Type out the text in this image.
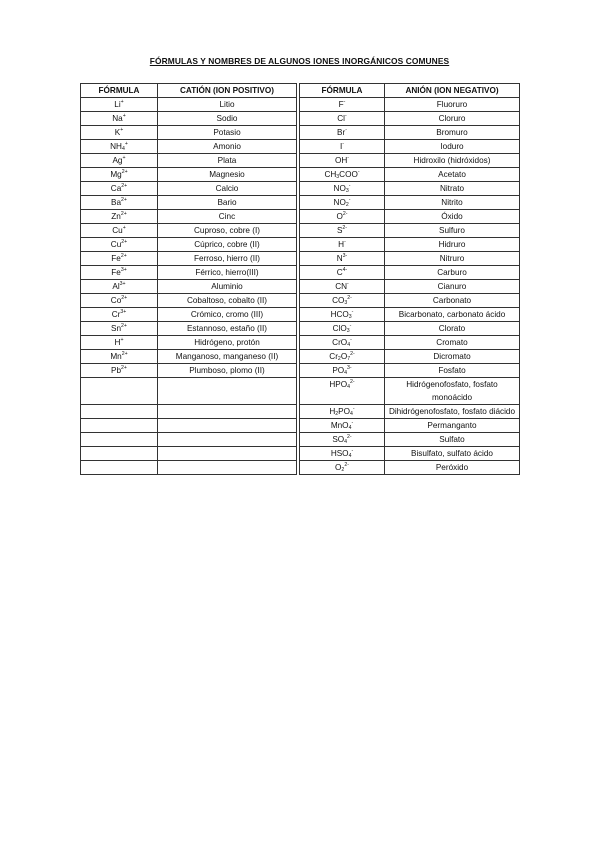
FÓRMULAS Y NOMBRES DE ALGUNOS IONES INORGÁNICOS COMUNES
FÓRMULA	CATIÓN (ION POSITIVO)		FÓRMULA	ANIÓN (ION NEGATIVO)
Li+	Litio		F-	Fluoruro
Na+	Sodio		Cl-	Cloruro
K+	Potasio		Br-	Bromuro
$NH_4^+$	Amonio		I-	Ioduro
Ag+	Plata		OH-	Hidroxilo (hidróxidos)
$Mg^{2+}$	Magnesio		$CH_3COO^-$	Acetato
$Ca^{2+}$	Calcio		$NO_3^-$	Nitrato
$Ba^{2+}$	Bario		$NO_2^-$	Nitrito
$Zn^{2+}$	Cinc		$O^{2-}$	Óxido
Cu+	Cuproso, cobre (I)		$S^{2-}$	Sulfuro
$Cu^{2+}$	Cúprico, cobre (II)		H-	Hidruro
$Fe^{2+}$	Ferroso, hierro (II)		$N^{3-}$	Nitruro
$Fe^{3+}$	Férrico, hierro(III)		$C^{4-}$	Carburo
$Al^{3+}$	Aluminio		CN-	Cianuro
$Co^{2+}$	Cobaltoso, cobalto (II)		$CO_3^{2-}$	Carbonato
$Cr^{3+}$	Crómico, cromo (III)		$HCO_3^-$	Bicarbonato, carbonato ácido
$Sn^{2+}$	Estannoso, estaño (II)		ClO$_3$-	Clorato
H+	Hidrógeno, protón		CrO$_4$-	Cromato
$Mn^{2+}$	Manganoso, manganeso (II)		$Cr_2O_7^{2-}$	Dicromato
$Pb^{2+}$	Plumboso, plomo (II)		$PO_4^{3-}$	Fosfato
			$HPO_4^{2-}$	Hidrógenofosfato, fosfato monoácido
			$H_2PO_4^-$	Dihidrógenofosfato, fosfato diácido
			MnO$_4$-	Permanganto
			$SO_4^{2-}$	Sulfato
			$HSO_4^-$	Bisulfato, sulfato ácido
			$O_2^{2-}$	Peróxido
